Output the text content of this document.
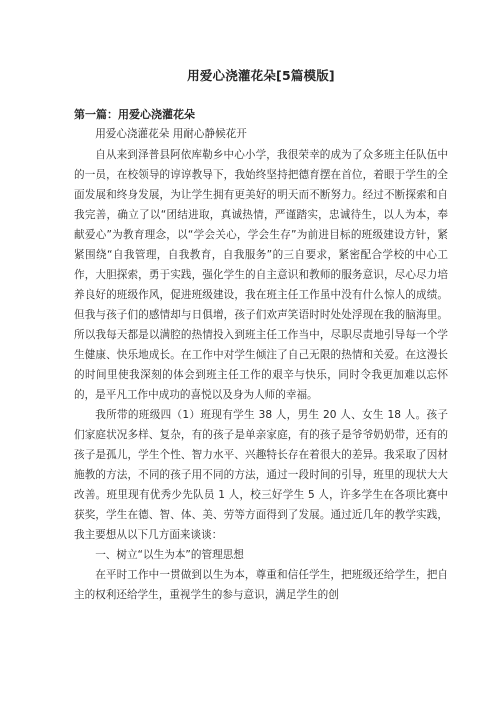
用爱心浇灌花朵[5篇模版]
第一篇：用爱心浇灌花朵

用爱心浇灌花朵 用耐心静候花开

自从来到泽普县阿依库勒乡中心小学，我很荣幸的成为了众多班主任队伍中的一员，在校领导的谆谆教导下，我始终坚持把德育摆在首位，着眼于学生的全面发展和终身发展，为让学生拥有更美好的明天而不断努力。经过不断探索和自我完善，确立了以“团结进取，真诚热情，严谨踏实，忠诚待生，以人为本，奉献爱心”为教育理念，以“学会关心，学会生存”为前进目标的班级建设方针，紧紧围绕“自我管理，自我教育，自我服务”的三自要求，紧密配合学校的中心工作，大胆探索，勇于实践，强化学生的自主意识和教师的服务意识，尽心尽力培养良好的班级作风，促进班级建设，我在班主任工作虽中没有什么惊人的成绩。但我与孩子们的感情却与日俱增，孩子们欢声笑语时时处处浮现在我的脑海里。所以我每天都是以满腔的热情投入到班主任工作当中，尽职尽责地引导每一个学生健康、快乐地成长。在工作中对学生倾注了自己无限的热情和关爱。在这漫长的时间里使我深刻的体会到班主任工作的艰辛与快乐，同时令我更加难以忘怀的，是平凡工作中成功的喜悦以及身为人师的幸福。

我所带的班级四（1）班现有学生 38 人，男生 20 人、女生 18 人。孩子们家庭状况多样、复杂，有的孩子是单亲家庭，有的孩子是爷爷奶奶带，还有的孩子是孤儿，学生个性、智力水平、兴趣特长存在着很大的差异。我采取了因材施教的方法，不同的孩子用不同的方法，通过一段时间的引导，班里的现状大大改善。班里现有优秀少先队员 1 人，校三好学生 5 人，许多学生在各项比赛中获奖，学生在德、智、体、美、劳等方面得到了发展。通过近几年的教学实践，我主要想从以下几方面来谈谈：

一、树立“以生为本”的管理思想

在平时工作中一贯做到以生为本，尊重和信任学生，把班级还给学生，把自主的权利还给学生，重视学生的参与意识，满足学生的创
